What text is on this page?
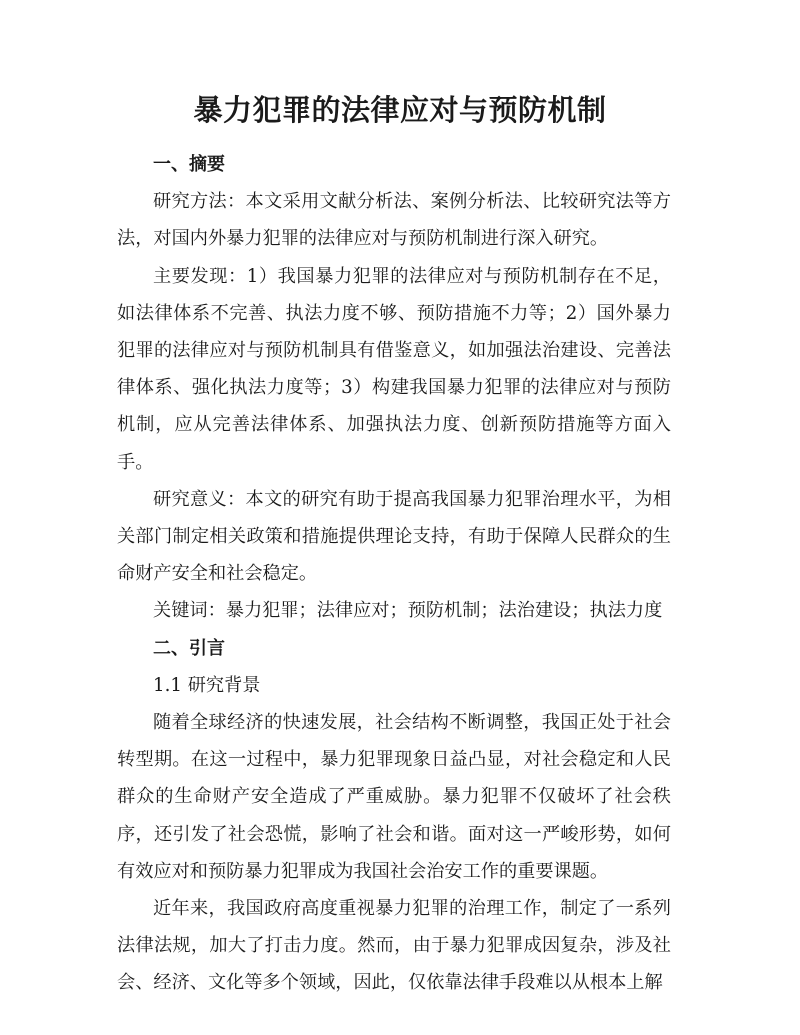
暴力犯罪的法律应对与预防机制

一、摘要

研究方法：本文采用文献分析法、案例分析法、比较研究法等方法，对国内外暴力犯罪的法律应对与预防机制进行深入研究。

主要发现：1）我国暴力犯罪的法律应对与预防机制存在不足，如法律体系不完善、执法力度不够、预防措施不力等；2）国外暴力犯罪的法律应对与预防机制具有借鉴意义，如加强法治建设、完善法律体系、强化执法力度等；3）构建我国暴力犯罪的法律应对与预防机制，应从完善法律体系、加强执法力度、创新预防措施等方面入手。

研究意义：本文的研究有助于提高我国暴力犯罪治理水平，为相关部门制定相关政策和措施提供理论支持，有助于保障人民群众的生命财产安全和社会稳定。

关键词：暴力犯罪；法律应对；预防机制；法治建设；执法力度

二、引言

1.1 研究背景

随着全球经济的快速发展，社会结构不断调整，我国正处于社会转型期。在这一过程中，暴力犯罪现象日益凸显，对社会稳定和人民群众的生命财产安全造成了严重威胁。暴力犯罪不仅破坏了社会秩序，还引发了社会恐慌，影响了社会和谐。面对这一严峻形势，如何有效应对和预防暴力犯罪成为我国社会治安工作的重要课题。

近年来，我国政府高度重视暴力犯罪的治理工作，制定了一系列法律法规，加大了打击力度。然而，由于暴力犯罪成因复杂，涉及社会、经济、文化等多个领域，因此，仅依靠法律手段难以从根本上解
